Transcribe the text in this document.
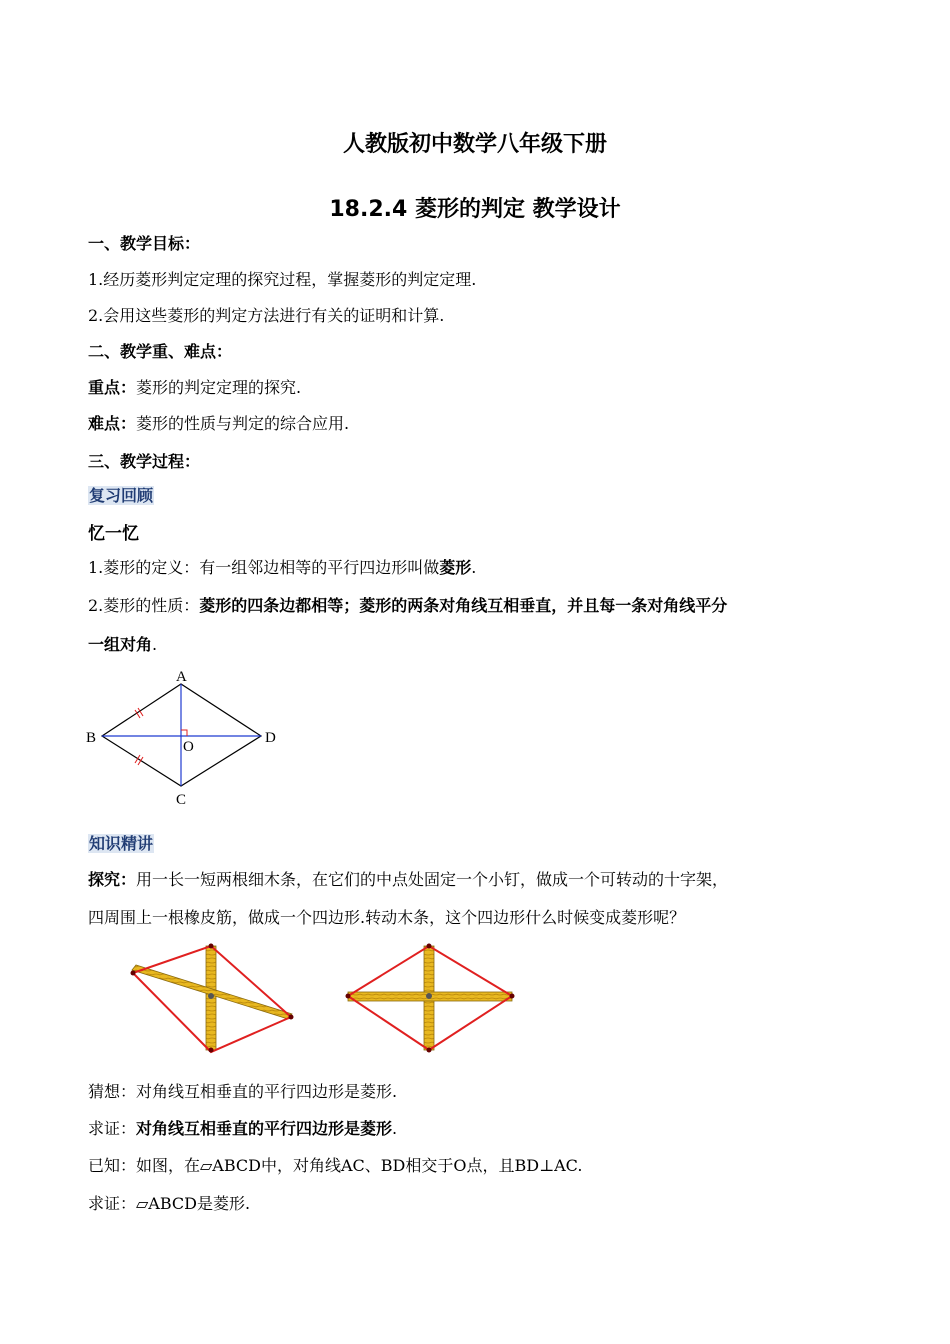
人教版初中数学八年级下册
18.2.4 菱形的判定 教学设计
一、教学目标：
1.经历菱形判定定理的探究过程，掌握菱形的判定定理.
2.会用这些菱形的判定方法进行有关的证明和计算.
二、教学重、难点：
重点：菱形的判定定理的探究.
难点：菱形的性质与判定的综合应用.
三、教学过程：
复习回顾
忆一忆
1.菱形的定义：有一组邻边相等的平行四边形叫做菱形.
2.菱形的性质：菱形的四条边都相等；菱形的两条对角线互相垂直，并且每一条对角线平分
一组对角.
A
B
C
D
O
知识精讲
探究：用一长一短两根细木条，在它们的中点处固定一个小钉，做成一个可转动的十字架，
四周围上一根橡皮筋，做成一个四边形.转动木条，这个四边形什么时候变成菱形呢？
猜想：对角线互相垂直的平行四边形是菱形.
求证：对角线互相垂直的平行四边形是菱形.
已知：如图，在▱ABCD中，对角线AC、BD相交于O点，且BD⊥AC.
求证：▱ABCD是菱形.
